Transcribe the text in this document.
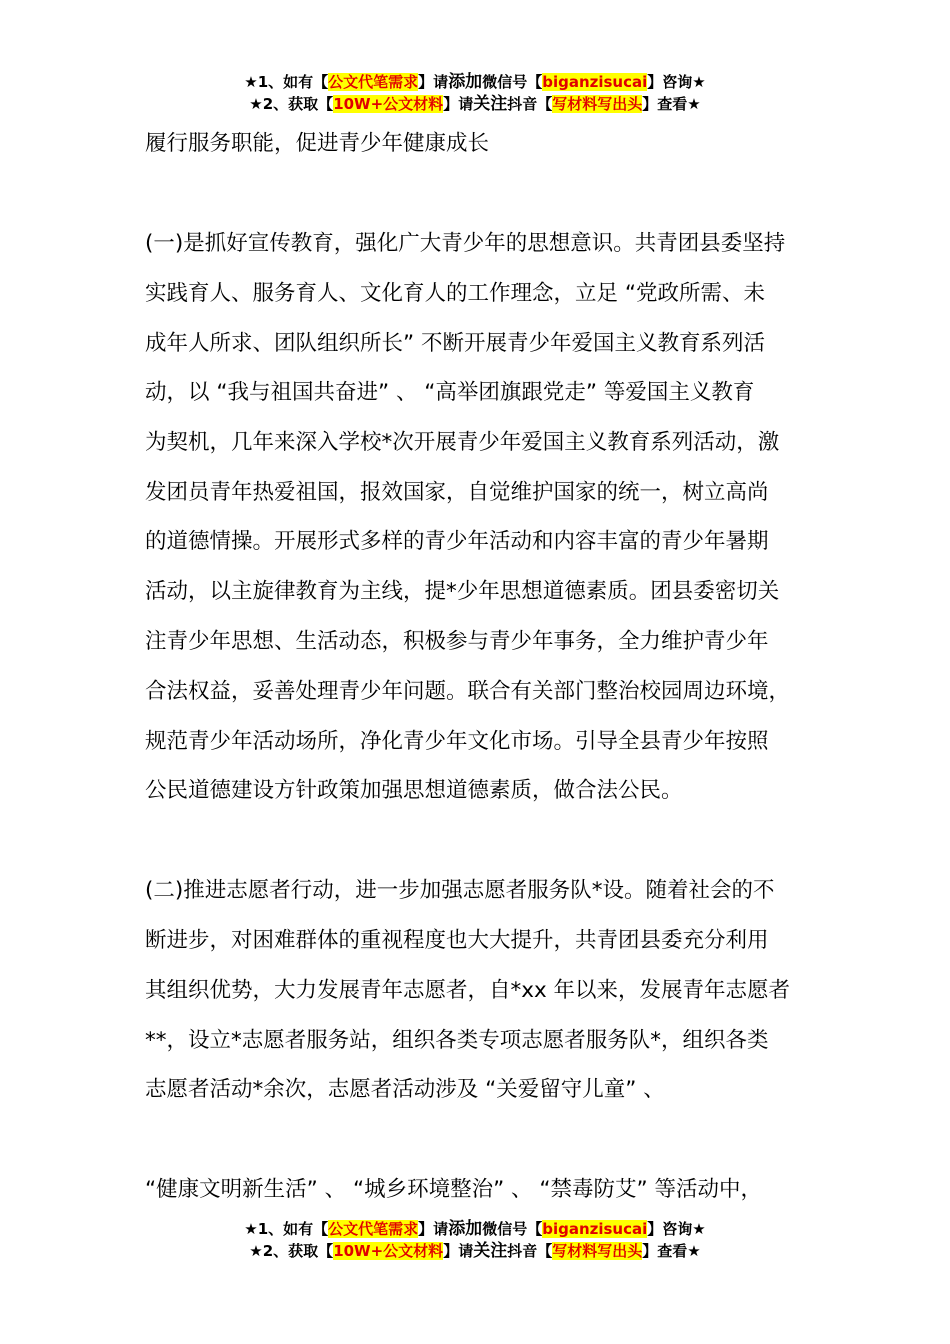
★1、如有【公文代笔需求】请添加微信号【biganzisucai】咨询★
★2、获取【10W+公文材料】请关注抖音【写材料写出头】查看★
履行服务职能，促进青少年健康成长
(一)是抓好宣传教育，强化广大青少年的思想意识。共青团县委坚持
实践育人、服务育人、文化育人的工作理念，立足 “党政所需、未
成年人所求、团队组织所长” 不断开展青少年爱国主义教育系列活
动，以 “我与祖国共奋进” 、 “高举团旗跟党走” 等爱国主义教育
为契机，几年来深入学校*次开展青少年爱国主义教育系列活动，激
发团员青年热爱祖国，报效国家，自觉维护国家的统一，树立高尚
的道德情操。开展形式多样的青少年活动和内容丰富的青少年暑期
活动，以主旋律教育为主线，提*少年思想道德素质。团县委密切关
注青少年思想、生活动态，积极参与青少年事务，全力维护青少年
合法权益，妥善处理青少年问题。联合有关部门整治校园周边环境，
规范青少年活动场所，净化青少年文化市场。引导全县青少年按照
公民道德建设方针政策加强思想道德素质，做合法公民。
(二)推进志愿者行动，进一步加强志愿者服务队*设。随着社会的不
断进步，对困难群体的重视程度也大大提升，共青团县委充分利用
其组织优势，大力发展青年志愿者，自*xx 年以来，发展青年志愿者
**，设立*志愿者服务站，组织各类专项志愿者服务队*，组织各类
志愿者活动*余次，志愿者活动涉及 “关爱留守儿童” 、
“健康文明新生活” 、 “城乡环境整治” 、 “禁毒防艾” 等活动中，
★1、如有【公文代笔需求】请添加微信号【biganzisucai】咨询★
★2、获取【10W+公文材料】请关注抖音【写材料写出头】查看★
